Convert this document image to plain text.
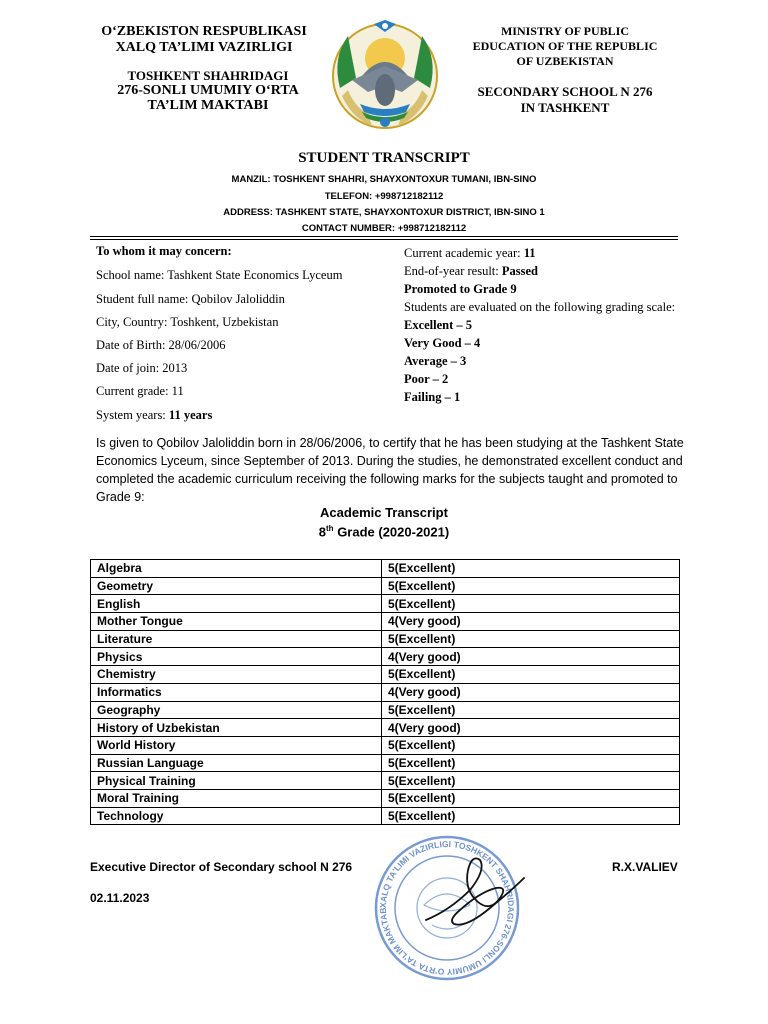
O‘ZBEKISTON RESPUBLIKASI
XALQ TA’LIMI VAZIRLIGI
TOSHKENT SHAHRIDAGI
276-SONLI UMUMIY O‘RTA
TA’LIM MAKTABI
MINISTRY OF PUBLIC
EDUCATION OF THE REPUBLIC
OF UZBEKISTAN
SECONDARY SCHOOL N 276
IN TASHKENT
STUDENT TRANSCRIPT
MANZIL: TOSHKENT SHAHRI, SHAYXONTOXUR TUMANI, IBN-SINO
TELEFON: +998712182112
ADDRESS: TASHKENT STATE, SHAYXONTOXUR DISTRICT, IBN-SINO 1
CONTACT NUMBER: +998712182112
To whom it may concern:
School name: Tashkent State Economics Lyceum
Student full name: Qobilov Jaloliddin
City, Country: Toshkent, Uzbekistan
Date of Birth: 28/06/2006
Date of join: 2013
Current grade: 11
System years: 11 years
Current academic year: 11
End-of-year result: Passed
Promoted to Grade 9
Students are evaluated on the following grading scale:
Excellent – 5
Very Good – 4
Average – 3
Poor – 2
Failing – 1
Is given to Qobilov Jaloliddin born in 28/06/2006, to certify that he has been studying at the Tashkent State Economics Lyceum, since September of 2013. During the studies, he demonstrated excellent conduct and completed the academic curriculum receiving the following marks for the subjects taught and promoted to Grade 9:
Academic Transcript
8th Grade (2020-2021)
Algebra	5(Excellent)
Geometry	5(Excellent)
English	5(Excellent)
Mother Tongue	4(Very good)
Literature	5(Excellent)
Physics	4(Very good)
Chemistry	5(Excellent)
Informatics	4(Very good)
Geography	5(Excellent)
History of Uzbekistan	4(Very good)
World History	5(Excellent)
Russian Language	5(Excellent)
Physical Training	5(Excellent)
Moral Training	5(Excellent)
Technology	5(Excellent)
XALQ TA'LIMI VAZIRLIGI TOSHKENT SHAHRIDAGI 276-SONLI UMUMIY O'RTA TA'LIM MAKTAB
Executive Director of Secondary school N 276
02.11.2023
R.X.VALIEV
